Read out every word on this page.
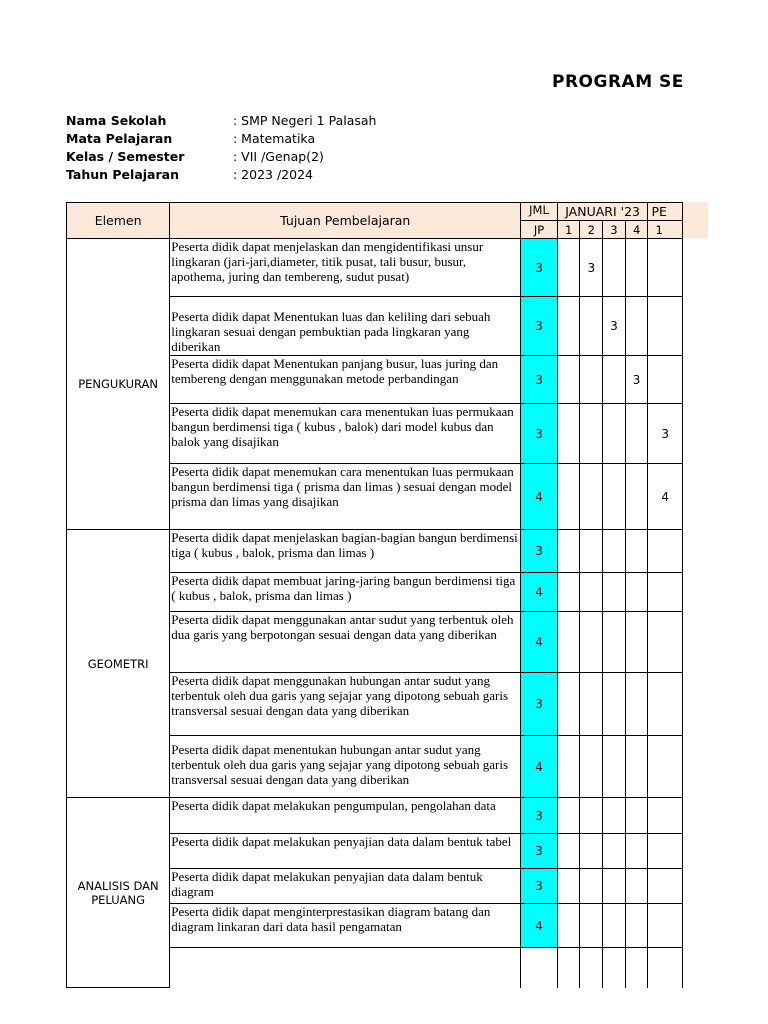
PROGRAM SE
Nama Sekolah	: SMP Negeri 1 Palasah
Mata Pelajaran	: Matematika
Kelas / Semester	: VII /Genap(2)
Tahun Pelajaran	: 2023 /2024
Elemen	Tujuan Pembelajaran	JML	JANUARI '23				PE
		JP	1	2	3	4	1
PENGUKURAN	Peserta didik dapat menjelaskan dan mengidentifikasi unsur lingkaran (jari-jari,diameter, titik pusat, tali busur, busur, apothema, juring dan tembereng, sudut pusat)	3		3			
	Peserta didik dapat Menentukan luas dan keliling dari sebuah lingkaran sesuai dengan pembuktian pada lingkaran yang diberikan	3			3		
	Peserta didik dapat Menentukan panjang busur, luas juring dan tembereng dengan menggunakan metode perbandingan	3				3	
	Peserta didik dapat menemukan cara menentukan luas permukaan bangun berdimensi tiga ( kubus , balok) dari model kubus dan balok yang disajikan	3					3
	Peserta didik dapat menemukan cara menentukan luas permukaan bangun berdimensi tiga ( prisma dan limas ) sesuai dengan model prisma dan limas yang disajikan	4					4
GEOMETRI	Peserta didik dapat menjelaskan bagian-bagian bangun berdimensi tiga ( kubus , balok, prisma dan limas )	3					
	Peserta didik dapat membuat jaring-jaring bangun berdimensi tiga ( kubus , balok, prisma dan limas )	4					
	Peserta didik dapat menggunakan antar sudut yang terbentuk oleh dua garis yang berpotongan sesuai dengan data yang diberikan	4					
	Peserta didik dapat menggunakan hubungan antar sudut yang terbentuk oleh dua garis yang sejajar yang dipotong sebuah garis transversal sesuai dengan data yang diberikan	3					
	Peserta didik dapat menentukan hubungan antar sudut yang terbentuk oleh dua garis yang sejajar yang dipotong sebuah garis transversal sesuai dengan data yang diberikan	4					
ANALISIS DAN PELUANG	Peserta didik dapat melakukan pengumpulan, pengolahan data	3					
	Peserta didik dapat melakukan penyajian data dalam bentuk tabel	3					
	Peserta didik dapat melakukan penyajian data dalam bentuk diagram	3					
	Peserta didik dapat menginterprestasikan diagram batang dan diagram linkaran dari data hasil pengamatan	4					
